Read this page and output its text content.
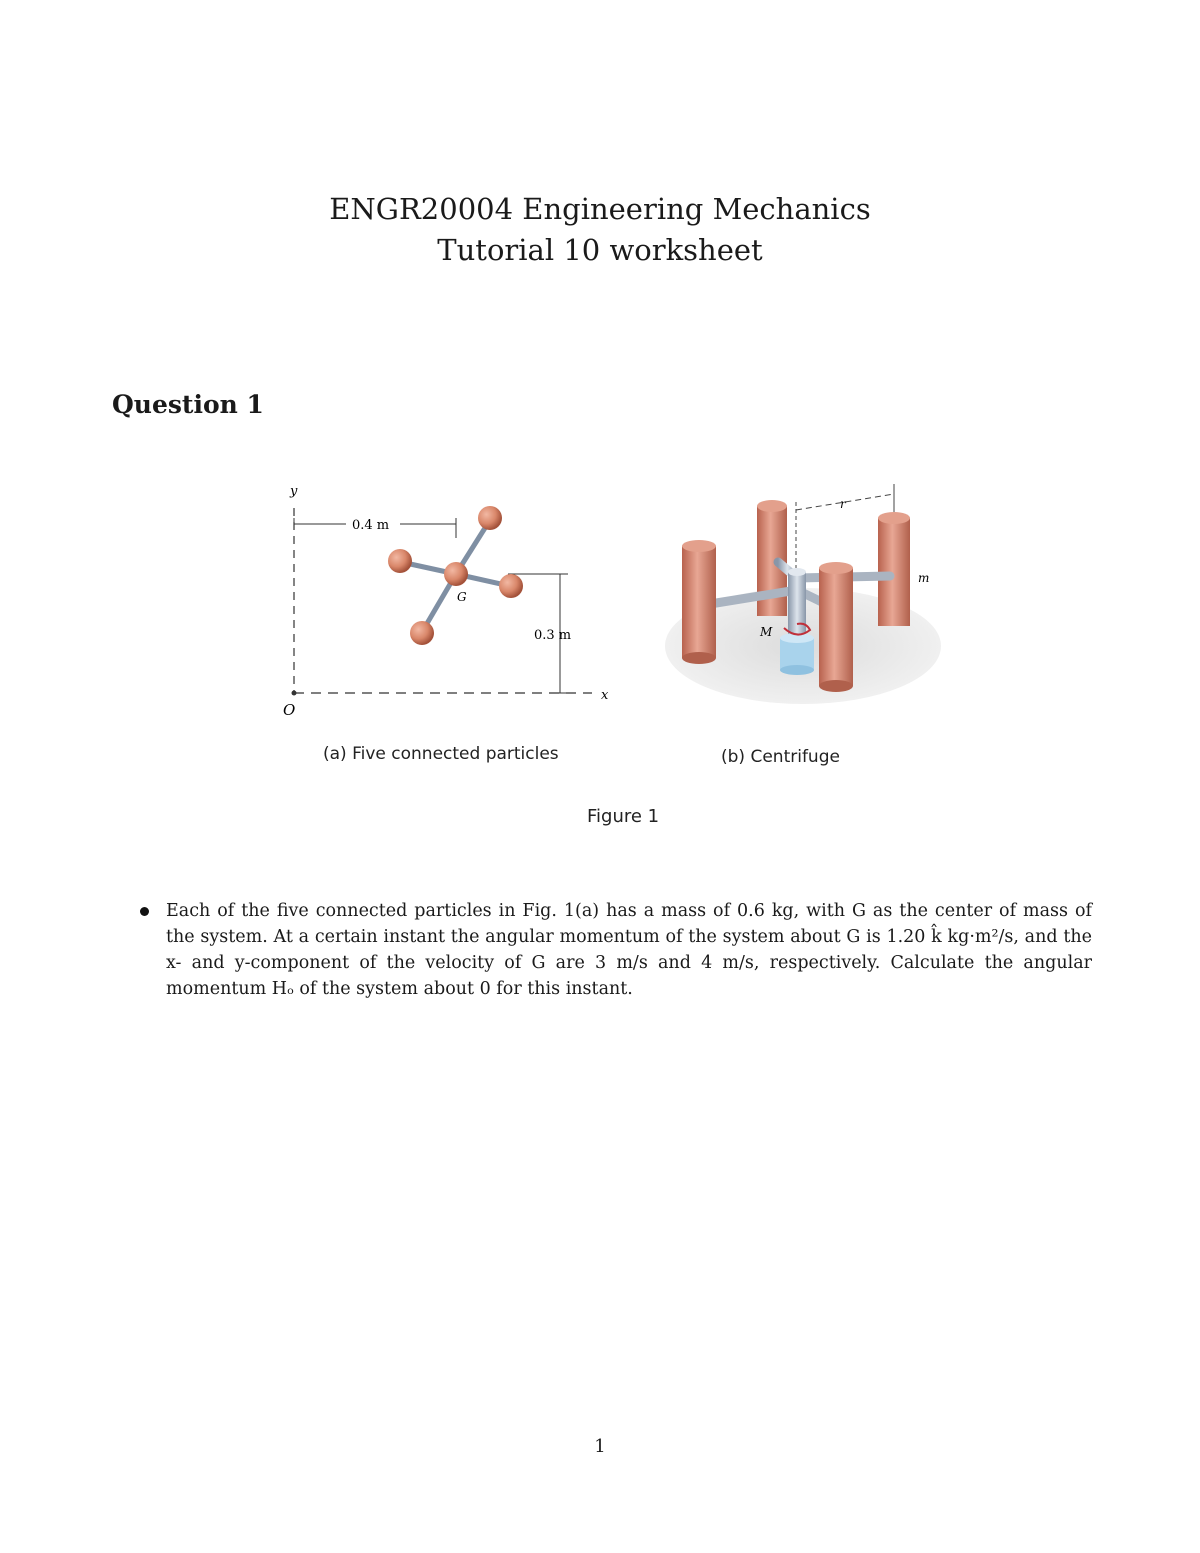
ENGR20004 Engineering Mechanics
Tutorial 10 worksheet
Question 1
y
x
O
0.4 m
0.3 m
G
r
M
m
(a) Five connected particles	(b) Centrifuge
Figure 1

Each of the five connected particles in Fig. 1(a) has a mass of 0.6 kg, with G as the center of mass of the system. At a certain instant the angular momentum of the system about G is 1.20 k̂ kg·m²/s, and the x- and y-component of the velocity of G are 3 m/s and 4 m/s, respectively. Calculate the angular momentum Hₒ of the system about 0 for this instant.

1
